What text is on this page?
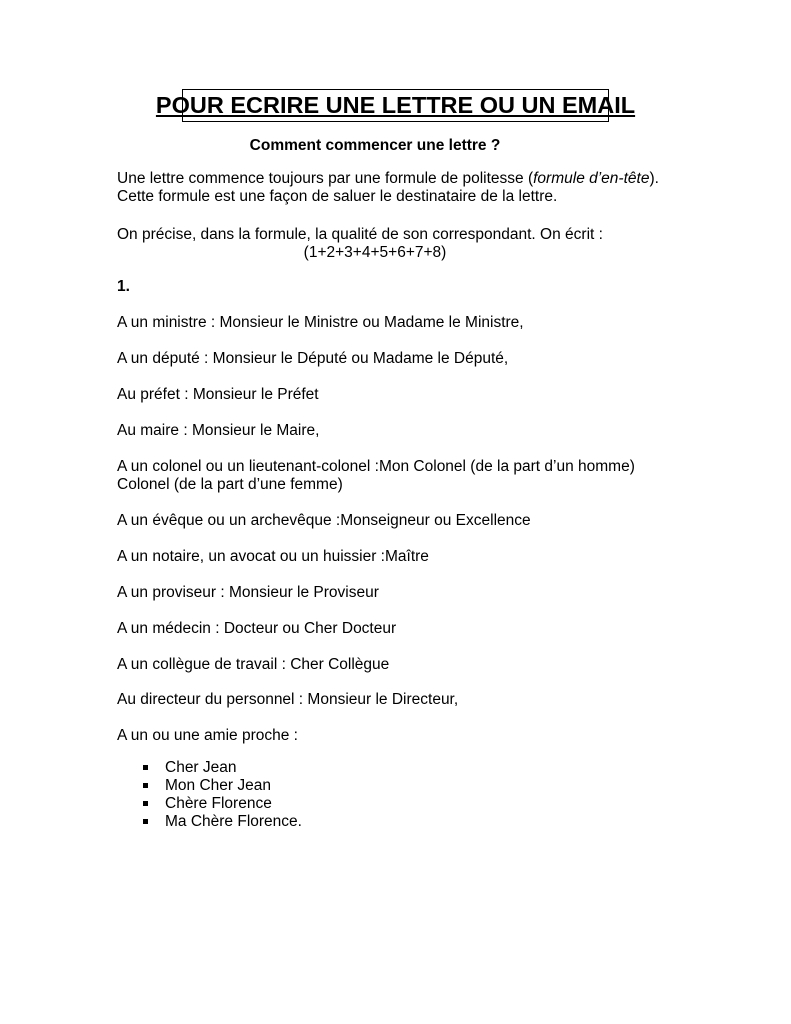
POUR ECRIRE UNE LETTRE OU UN EMAIL
Comment commencer une lettre ?
Une lettre commence toujours par une formule de politesse (formule d’en-tête).
Cette formule est une façon de saluer le destinataire de la lettre.
On précise, dans la formule, la qualité de son correspondant. On écrit :
(1+2+3+4+5+6+7+8)
1.
A un ministre : Monsieur le Ministre ou Madame le Ministre,
A un député : Monsieur le Député ou Madame le Député,
Au préfet : Monsieur le Préfet
Au maire : Monsieur le Maire,
A un colonel ou un lieutenant-colonel :Mon Colonel (de la part d’un homme)
Colonel (de la part d’une femme)
A un évêque ou un archevêque :Monseigneur ou Excellence
A un notaire, un avocat ou un huissier :Maître
A un proviseur : Monsieur le Proviseur
A un médecin : Docteur ou Cher Docteur
A un collègue de travail : Cher Collègue
Au directeur du personnel : Monsieur le Directeur,
A un ou une amie proche :
Cher Jean
Mon Cher Jean
Chère Florence
Ma Chère Florence.
